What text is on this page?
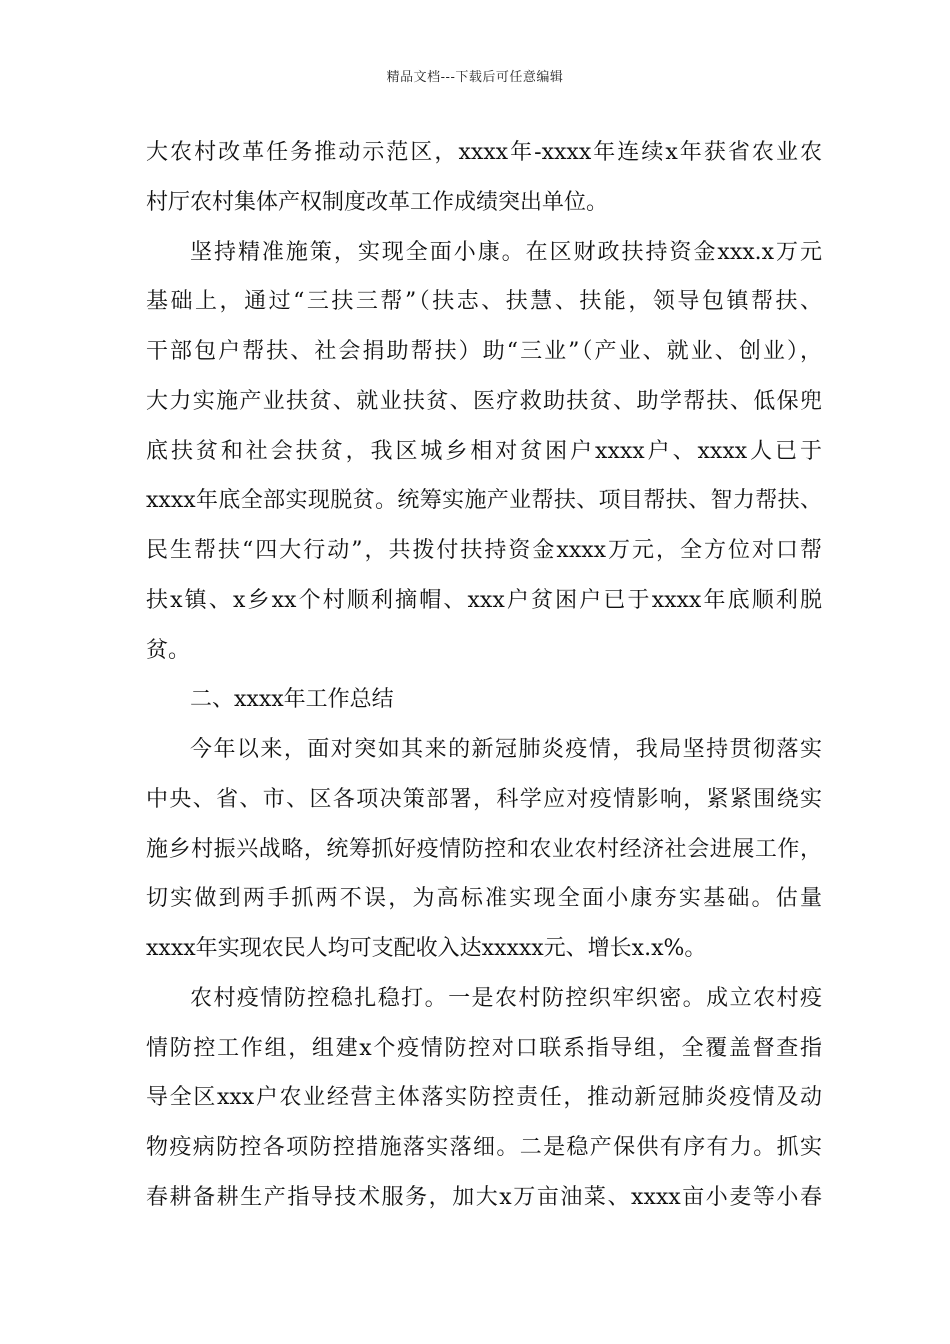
精品文档---下载后可任意编辑
大农村改革任务推动示范区，xxxx年-xxxx年连续x年获省农业农
村厅农村集体产权制度改革工作成绩突出单位。
坚持精准施策，实现全面小康。在区财政扶持资金xxx.x万元
基础上，通过“三扶三帮”（扶志、扶慧、扶能，领导包镇帮扶、
干部包户帮扶、社会捐助帮扶）助“三业”（产业、就业、创业），
大力实施产业扶贫、就业扶贫、医疗救助扶贫、助学帮扶、低保兜
底扶贫和社会扶贫，我区城乡相对贫困户xxxx户、xxxx人已于
xxxx年底全部实现脱贫。统筹实施产业帮扶、项目帮扶、智力帮扶、
民生帮扶“四大行动”，共拨付扶持资金xxxx万元，全方位对口帮
扶x镇、x乡xx个村顺利摘帽、xxx户贫困户已于xxxx年底顺利脱
贫。
二、xxxx年工作总结
今年以来，面对突如其来的新冠肺炎疫情，我局坚持贯彻落实
中央、省、市、区各项决策部署，科学应对疫情影响，紧紧围绕实
施乡村振兴战略，统筹抓好疫情防控和农业农村经济社会进展工作，
切实做到两手抓两不误，为高标准实现全面小康夯实基础。估量
xxxx年实现农民人均可支配收入达xxxxx元、增长x.x%。
农村疫情防控稳扎稳打。一是农村防控织牢织密。成立农村疫
情防控工作组，组建x个疫情防控对口联系指导组，全覆盖督查指
导全区xxx户农业经营主体落实防控责任，推动新冠肺炎疫情及动
物疫病防控各项防控措施落实落细。二是稳产保供有序有力。抓实
春耕备耕生产指导技术服务，加大x万亩油菜、xxxx亩小麦等小春
